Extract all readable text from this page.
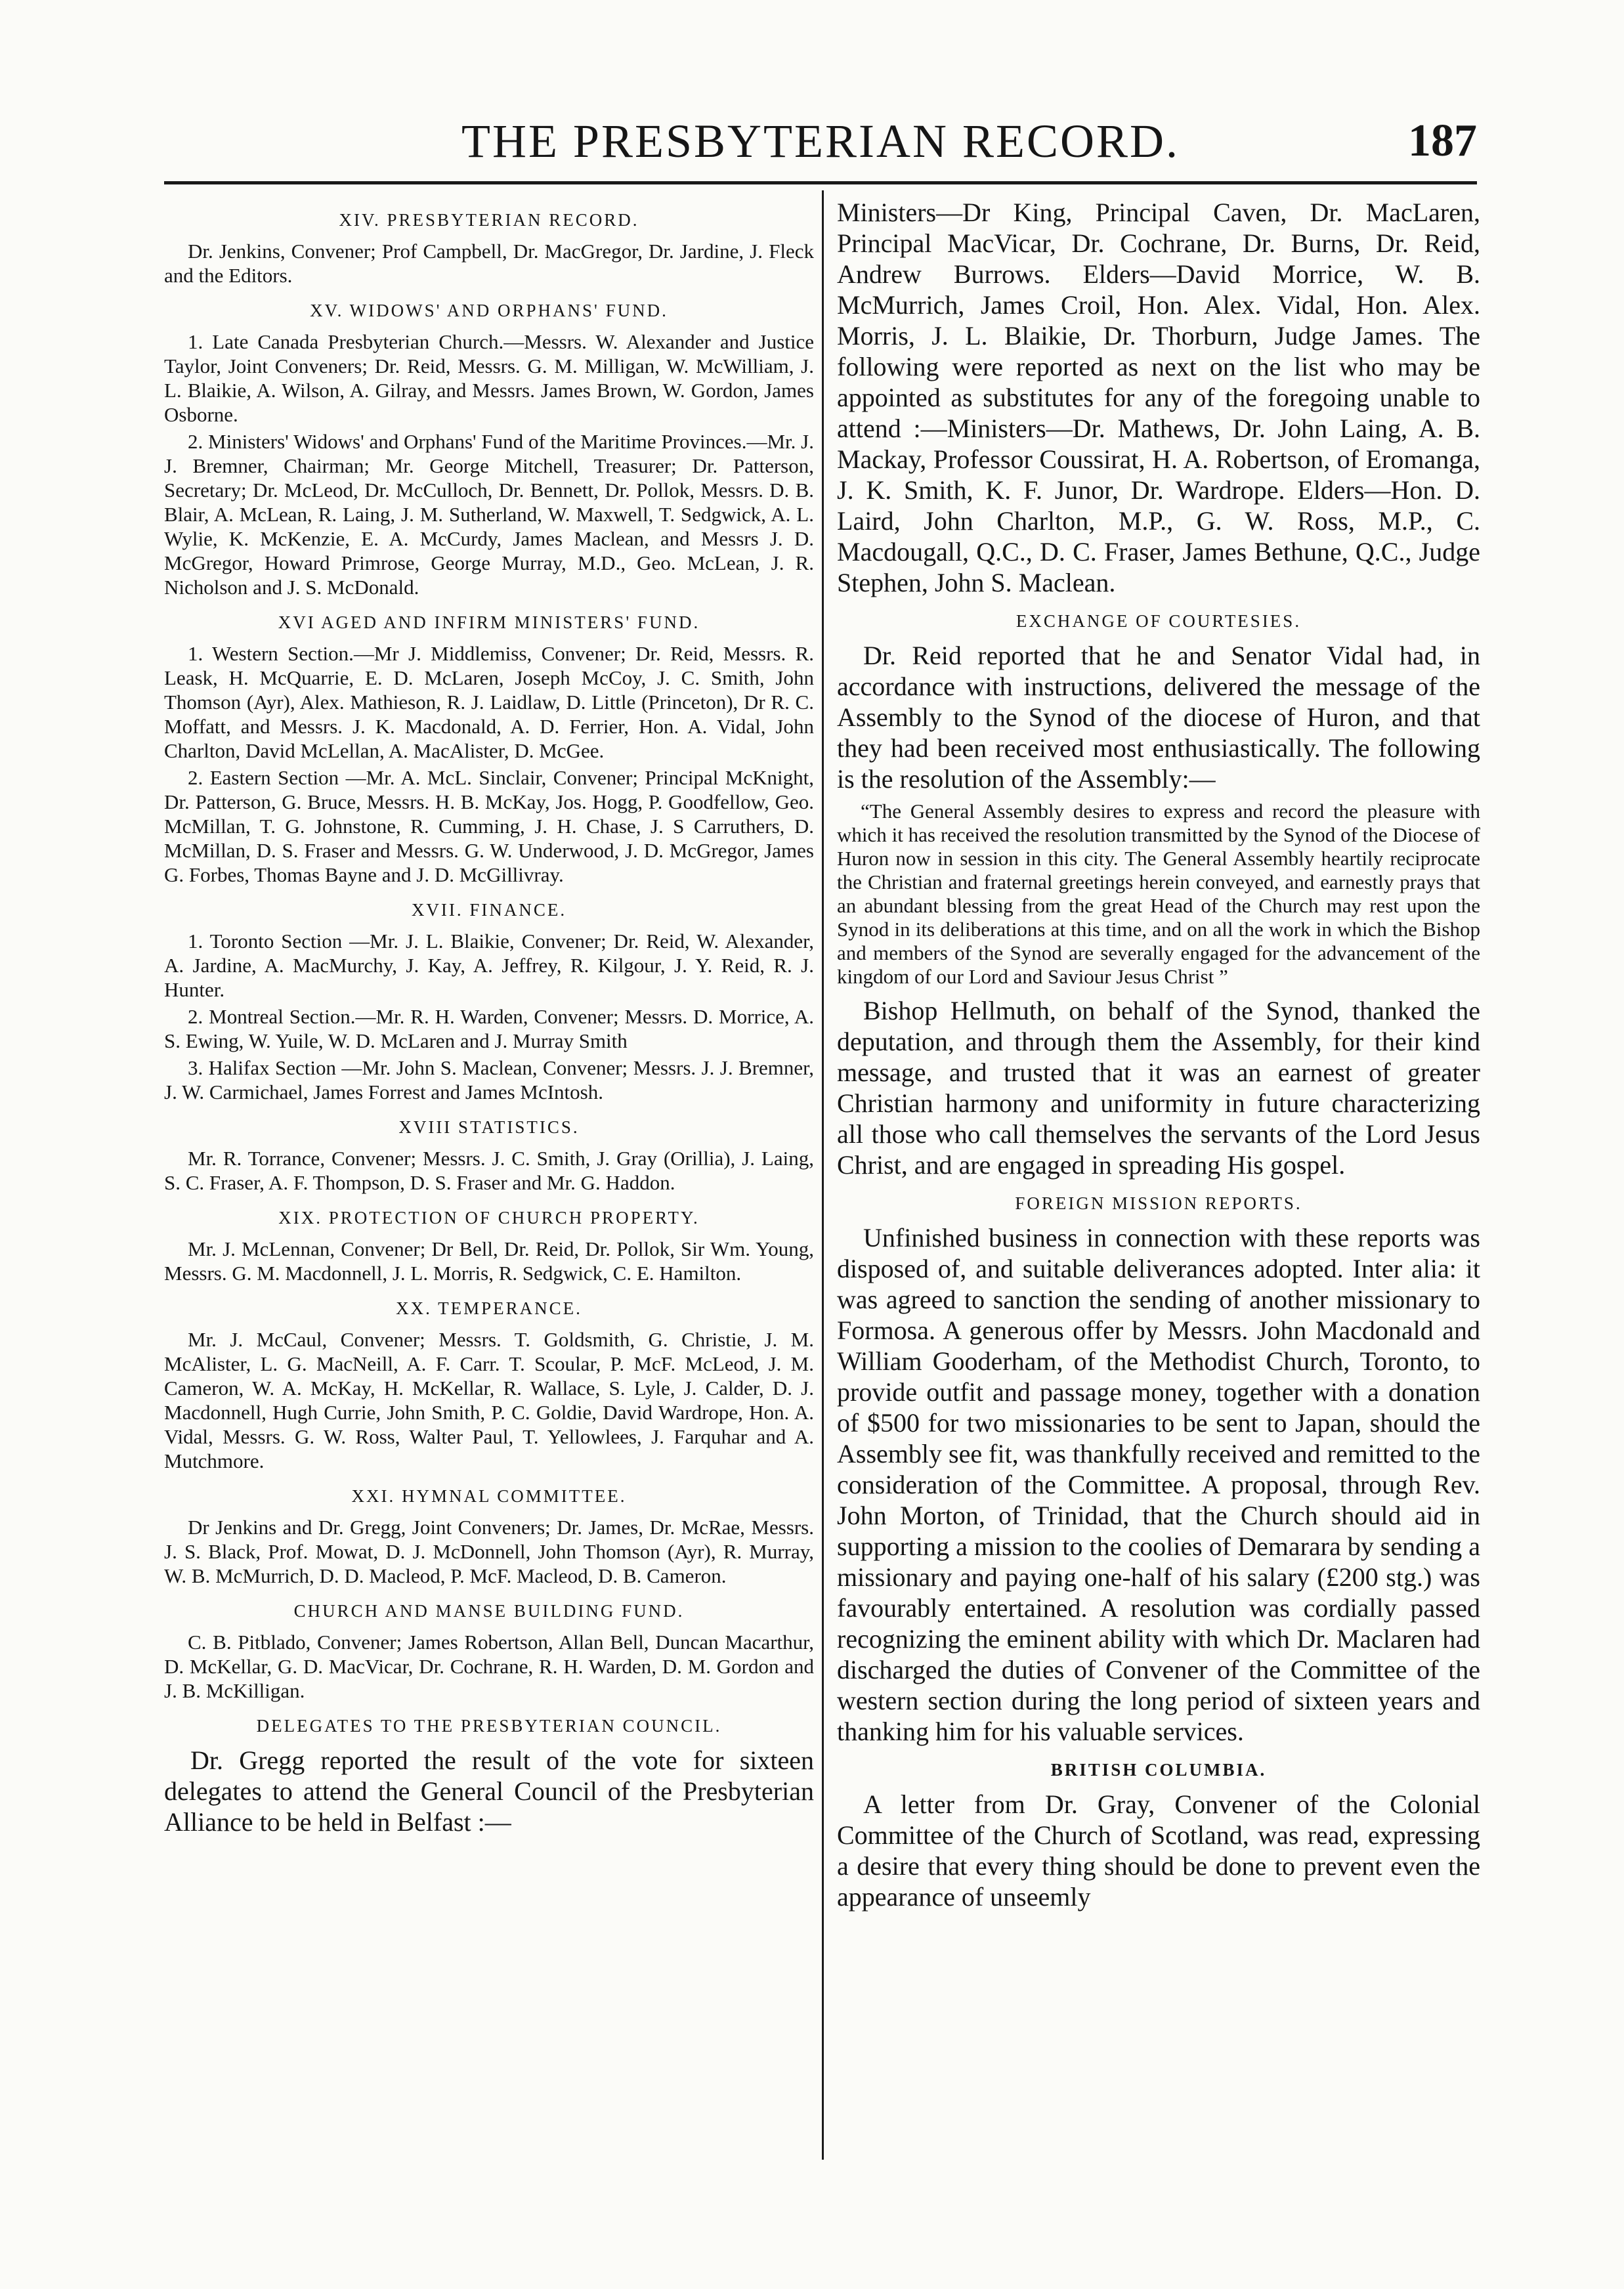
THE PRESBYTERIAN RECORD.	187
XIV. PRESBYTERIAN RECORD.

Dr. Jenkins, Convener; Prof Campbell, Dr. MacGregor, Dr. Jardine, J. Fleck and the Editors.

XV. WIDOWS' AND ORPHANS' FUND.

1. Late Canada Presbyterian Church.—Messrs. W. Alexander and Justice Taylor, Joint Conveners; Dr. Reid, Messrs. G. M. Milligan, W. McWilliam, J. L. Blaikie, A. Wilson, A. Gilray, and Messrs. James Brown, W. Gordon, James Osborne.

2. Ministers' Widows' and Orphans' Fund of the Maritime Provinces.—Mr. J. J. Bremner, Chairman; Mr. George Mitchell, Treasurer; Dr. Patterson, Secretary; Dr. McLeod, Dr. McCulloch, Dr. Bennett, Dr. Pollok, Messrs. D. B. Blair, A. McLean, R. Laing, J. M. Sutherland, W. Maxwell, T. Sedgwick, A. L. Wylie, K. McKenzie, E. A. McCurdy, James Maclean, and Messrs J. D. McGregor, Howard Primrose, George Murray, M.D., Geo. McLean, J. R. Nicholson and J. S. McDonald.

XVI AGED AND INFIRM MINISTERS' FUND.

1. Western Section.—Mr J. Middlemiss, Convener; Dr. Reid, Messrs. R. Leask, H. McQuarrie, E. D. McLaren, Joseph McCoy, J. C. Smith, John Thomson (Ayr), Alex. Mathieson, R. J. Laidlaw, D. Little (Princeton), Dr R. C. Moffatt, and Messrs. J. K. Macdonald, A. D. Ferrier, Hon. A. Vidal, John Charlton, David McLellan, A. MacAlister, D. McGee.

2. Eastern Section —Mr. A. McL. Sinclair, Convener; Principal McKnight, Dr. Patterson, G. Bruce, Messrs. H. B. McKay, Jos. Hogg, P. Goodfellow, Geo. McMillan, T. G. Johnstone, R. Cumming, J. H. Chase, J. S Carruthers, D. McMillan, D. S. Fraser and Messrs. G. W. Underwood, J. D. McGregor, James G. Forbes, Thomas Bayne and J. D. McGillivray.

XVII. FINANCE.

1. Toronto Section —Mr. J. L. Blaikie, Convener; Dr. Reid, W. Alexander, A. Jardine, A. MacMurchy, J. Kay, A. Jeffrey, R. Kilgour, J. Y. Reid, R. J. Hunter.

2. Montreal Section.—Mr. R. H. Warden, Convener; Messrs. D. Morrice, A. S. Ewing, W. Yuile, W. D. McLaren and J. Murray Smith

3. Halifax Section —Mr. John S. Maclean, Convener; Messrs. J. J. Bremner, J. W. Carmichael, James Forrest and James McIntosh.

XVIII STATISTICS.

Mr. R. Torrance, Convener; Messrs. J. C. Smith, J. Gray (Orillia), J. Laing, S. C. Fraser, A. F. Thompson, D. S. Fraser and Mr. G. Haddon.

XIX. PROTECTION OF CHURCH PROPERTY.

Mr. J. McLennan, Convener; Dr Bell, Dr. Reid, Dr. Pollok, Sir Wm. Young, Messrs. G. M. Macdonnell, J. L. Morris, R. Sedgwick, C. E. Hamilton.

XX. TEMPERANCE.

Mr. J. McCaul, Convener; Messrs. T. Goldsmith, G. Christie, J. M. McAlister, L. G. MacNeill, A. F. Carr. T. Scoular, P. McF. McLeod, J. M. Cameron, W. A. McKay, H. McKellar, R. Wallace, S. Lyle, J. Calder, D. J. Macdonnell, Hugh Currie, John Smith, P. C. Goldie, David Wardrope, Hon. A. Vidal, Messrs. G. W. Ross, Walter Paul, T. Yellowlees, J. Farquhar and A. Mutchmore.

XXI. HYMNAL COMMITTEE.

Dr Jenkins and Dr. Gregg, Joint Conveners; Dr. James, Dr. McRae, Messrs. J. S. Black, Prof. Mowat, D. J. McDonnell, John Thomson (Ayr), R. Murray, W. B. McMurrich, D. D. Macleod, P. McF. Macleod, D. B. Cameron.

CHURCH AND MANSE BUILDING FUND.

C. B. Pitblado, Convener; James Robertson, Allan Bell, Duncan Macarthur, D. McKellar, G. D. MacVicar, Dr. Cochrane, R. H. Warden, D. M. Gordon and J. B. McKilligan.

DELEGATES TO THE PRESBYTERIAN COUNCIL.

Dr. Gregg reported the result of the vote for sixteen delegates to attend the General Council of the Presbyterian Alliance to be held in Belfast :—

Ministers—Dr King, Principal Caven, Dr. MacLaren, Principal MacVicar, Dr. Cochrane, Dr. Burns, Dr. Reid, Andrew Burrows. Elders—David Morrice, W. B. McMurrich, James Croil, Hon. Alex. Vidal, Hon. Alex. Morris, J. L. Blaikie, Dr. Thorburn, Judge James. The following were reported as next on the list who may be appointed as substitutes for any of the foregoing unable to attend :—Ministers—Dr. Mathews, Dr. John Laing, A. B. Mackay, Professor Coussirat, H. A. Robertson, of Eromanga, J. K. Smith, K. F. Junor, Dr. Wardrope. Elders—Hon. D. Laird, John Charlton, M.P., G. W. Ross, M.P., C. Macdougall, Q.C., D. C. Fraser, James Bethune, Q.C., Judge Stephen, John S. Maclean.

EXCHANGE OF COURTESIES.

Dr. Reid reported that he and Senator Vidal had, in accordance with instructions, delivered the message of the Assembly to the Synod of the diocese of Huron, and that they had been received most enthusiastically. The following is the resolution of the Assembly:—

“The General Assembly desires to express and record the pleasure with which it has received the resolution transmitted by the Synod of the Diocese of Huron now in session in this city. The General Assembly heartily reciprocate the Christian and fraternal greetings herein conveyed, and earnestly prays that an abundant blessing from the great Head of the Church may rest upon the Synod in its deliberations at this time, and on all the work in which the Bishop and members of the Synod are severally engaged for the advancement of the kingdom of our Lord and Saviour Jesus Christ ”

Bishop Hellmuth, on behalf of the Synod, thanked the deputation, and through them the Assembly, for their kind message, and trusted that it was an earnest of greater Christian harmony and uniformity in future characterizing all those who call themselves the servants of the Lord Jesus Christ, and are engaged in spreading His gospel.

FOREIGN MISSION REPORTS.

Unfinished business in connection with these reports was disposed of, and suitable deliverances adopted. Inter alia: it was agreed to sanction the sending of another missionary to Formosa. A generous offer by Messrs. John Macdonald and William Gooderham, of the Methodist Church, Toronto, to provide outfit and passage money, together with a donation of $500 for two missionaries to be sent to Japan, should the Assembly see fit, was thankfully received and remitted to the consideration of the Committee. A proposal, through Rev. John Morton, of Trinidad, that the Church should aid in supporting a mission to the coolies of Demarara by sending a missionary and paying one-half of his salary (£200 stg.) was favourably entertained. A resolution was cordially passed recognizing the eminent ability with which Dr. Maclaren had discharged the duties of Convener of the Committee of the western section during the long period of sixteen years and thanking him for his valuable services.

BRITISH COLUMBIA.

A letter from Dr. Gray, Convener of the Colonial Committee of the Church of Scotland, was read, expressing a desire that every thing should be done to prevent even the appearance of unseemly
